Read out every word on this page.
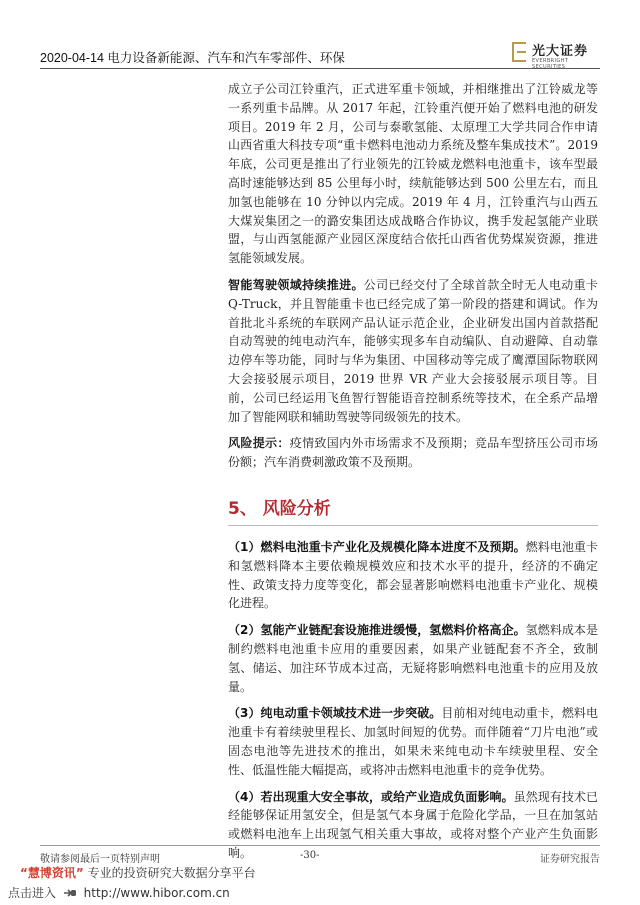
2020-04-14 电力设备新能源、汽车和汽车零部件、环保	光大证券
EVERBRIGHT SECURITIES

成立子公司江铃重汽，正式进军重卡领域，并相继推出了江铃威龙等一系列重卡品牌。从 2017 年起，江铃重汽便开始了燃料电池的研发项目。2019 年 2 月，公司与泰歌氢能、太原理工大学共同合作申请山西省重大科技专项“重卡燃料电池动力系统及整车集成技术”。2019 年底，公司更是推出了行业领先的江铃威龙燃料电池重卡，该车型最高时速能够达到 85 公里每小时，续航能够达到 500 公里左右，而且加氢也能够在 10 分钟以内完成。2019 年 4 月，江铃重汽与山西五大煤炭集团之一的潞安集团达成战略合作协议，携手发起氢能产业联盟，与山西氢能源产业园区深度结合依托山西省优势煤炭资源，推进氢能领域发展。

智能驾驶领域持续推进。公司已经交付了全球首款全时无人电动重卡 Q-Truck，并且智能重卡也已经完成了第一阶段的搭建和调试。作为首批北斗系统的车联网产品认证示范企业，企业研发出国内首款搭配自动驾驶的纯电动汽车，能够实现多车自动编队、自动避障、自动靠边停车等功能，同时与华为集团、中国移动等完成了鹰潭国际物联网大会接驳展示项目，2019 世界 VR 产业大会接驳展示项目等。目前，公司已经运用飞鱼智行智能语音控制系统等技术，在全系产品增加了智能网联和辅助驾驶等同级领先的技术。

风险提示：疫情致国内外市场需求不及预期；竞品车型挤压公司市场份额；汽车消费刺激政策不及预期。

5、 风险分析

（1）燃料电池重卡产业化及规模化降本进度不及预期。燃料电池重卡和氢燃料降本主要依赖规模效应和技术水平的提升，经济的不确定性、政策支持力度等变化，都会显著影响燃料电池重卡产业化、规模化进程。

（2）氢能产业链配套设施推进缓慢，氢燃料价格高企。氢燃料成本是制约燃料电池重卡应用的重要因素，如果产业链配套不齐全，致制氢、储运、加注环节成本过高，无疑将影响燃料电池重卡的应用及放量。

（3）纯电动重卡领域技术进一步突破。目前相对纯电动重卡，燃料电池重卡有着续驶里程长、加氢时间短的优势。而伴随着“刀片电池”或固态电池等先进技术的推出，如果未来纯电动卡车续驶里程、安全性、低温性能大幅提高，或将冲击燃料电池重卡的竞争优势。

（4）若出现重大安全事故，或给产业造成负面影响。虽然现有技术已经能够保证用氢安全，但是氢气本身属于危险化学品，一旦在加氢站或燃料电池车上出现氢气相关重大事故，或将对整个产业产生负面影响。

敬请参阅最后一页特别声明	-30-	证券研究报告
“慧博资讯” 专业的投资研究大数据分享平台
点击进入 http://www.hibor.com.cn
